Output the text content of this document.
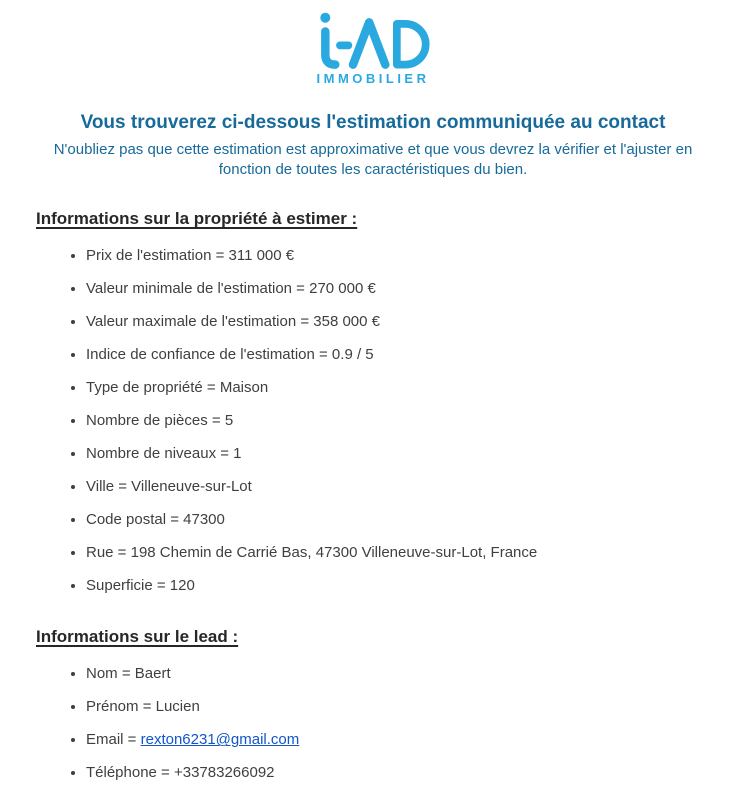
IMMOBILIER
Vous trouverez ci-dessous l'estimation communiquée au contact
N'oubliez pas que cette estimation est approximative et que vous devrez la vérifier et l'ajuster en fonction de toutes les caractéristiques du bien.
Informations sur la propriété à estimer :
• Prix de l'estimation = 311 000 €
• Valeur minimale de l'estimation = 270 000 €
• Valeur maximale de l'estimation = 358 000 €
• Indice de confiance de l'estimation = 0.9 / 5
• Type de propriété = Maison
• Nombre de pièces = 5
• Nombre de niveaux = 1
• Ville = Villeneuve-sur-Lot
• Code postal = 47300
• Rue = 198 Chemin de Carrié Bas, 47300 Villeneuve-sur-Lot, France
• Superficie = 120
Informations sur le lead :
• Nom = Baert
• Prénom = Lucien
• Email = rexton6231@gmail.com
• Téléphone = +33783266092
